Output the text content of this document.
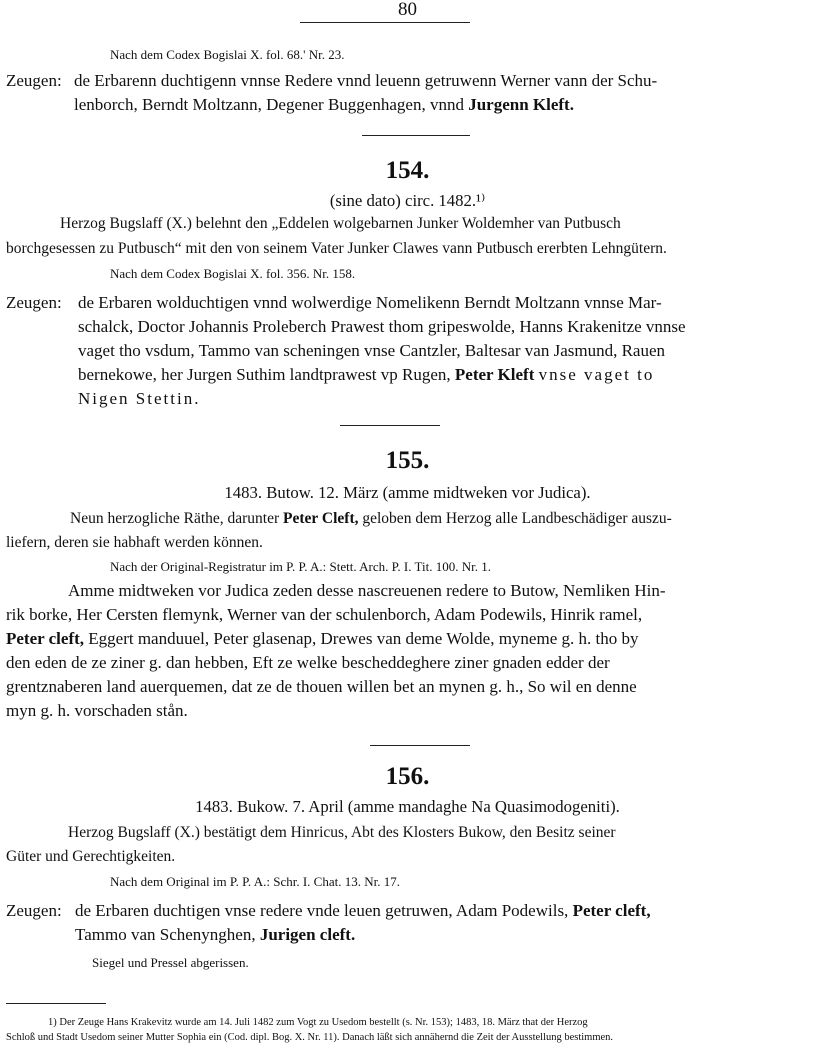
80
Nach dem Codex Bogislai X. fol. 68.' Nr. 23.
Zeugen: de Erbarenn duchtigenn vnnse Redere vnnd leuenn getruwenn Werner vann der Schu-
lenborch, Berndt Moltzann, Degener Buggenhagen, vnnd Jurgenn Kleft.
154.
(sine dato) circ. 1482.¹⁾
Herzog Bugslaff (X.) belehnt den „Eddelen wolgebarnen Junker Woldemher van Putbusch
borchgesessen zu Putbusch“ mit den von seinem Vater Junker Clawes vann Putbusch ererbten Lehngütern.
Nach dem Codex Bogislai X. fol. 356. Nr. 158.
Zeugen: de Erbaren wolduchtigen vnnd wolwerdige Nomelikenn Berndt Moltzann vnnse Mar-
schalck, Doctor Johannis Proleberch Prawest thom gripeswolde, Hanns Krakenitze vnnse
vaget tho vsdum, Tammo van scheningen vnse Cantzler, Baltesar van Jasmund, Rauen
bernekowe, her Jurgen Suthim landtprawest vp Rugen, Peter Kleft vnse vaget to
Nigen Stettin.
155.
1483. Butow. 12. März (amme midtweken vor Judica).
Neun herzogliche Räthe, darunter Peter Cleft, geloben dem Herzog alle Landbeschädiger auszu-
liefern, deren sie habhaft werden können.
Nach der Original-Registratur im P. P. A.: Stett. Arch. P. I. Tit. 100. Nr. 1.
Amme midtweken vor Judica zeden desse nascreuenen redere to Butow, Nemliken Hin-
rik borke, Her Cersten flemynk, Werner van der schulenborch, Adam Podewils, Hinrik ramel,
Peter cleft, Eggert manduuel, Peter glasenap, Drewes van deme Wolde, myneme g. h. tho by
den eden de ze ziner g. dan hebben, Eft ze welke bescheddeghere ziner gnaden edder der
grentznaberen land auerquemen, dat ze de thouen willen bet an mynen g. h., So wil en denne
myn g. h. vorschaden stån.
156.
1483. Bukow. 7. April (amme mandaghe Na Quasimodogeniti).
Herzog Bugslaff (X.) bestätigt dem Hinricus, Abt des Klosters Bukow, den Besitz seiner
Güter und Gerechtigkeiten.
Nach dem Original im P. P. A.: Schr. I. Chat. 13. Nr. 17.
Zeugen: de Erbaren duchtigen vnse redere vnde leuen getruwen, Adam Podewils, Peter cleft,
Tammo van Schenynghen, Jurigen cleft.
Siegel und Pressel abgerissen.
1) Der Zeuge Hans Krakevitz wurde am 14. Juli 1482 zum Vogt zu Usedom bestellt (s. Nr. 153); 1483, 18. März that der Herzog
Schloß und Stadt Usedom seiner Mutter Sophia ein (Cod. dipl. Bog. X. Nr. 11). Danach läßt sich annähernd die Zeit der Ausstellung bestimmen.
